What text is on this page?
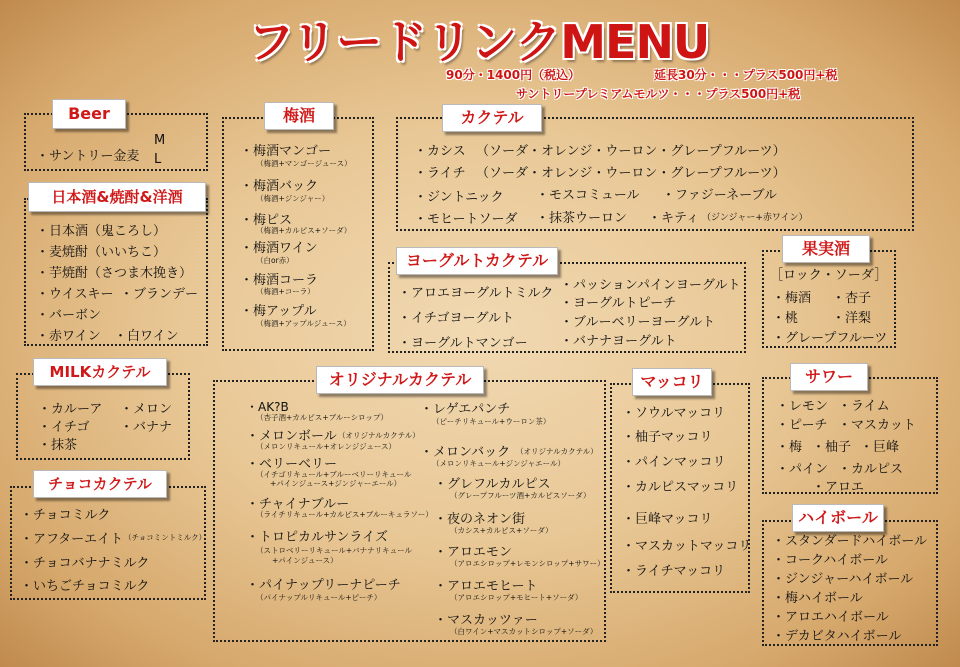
フリードリンクMENU
90分・1400円（税込）	延長30分・・・プラス500円+税
サントリープレミアムモルツ・・・プラス500円+税
Beer
・サントリー金麦
M
L
日本酒&焼酎&洋酒
・日本酒（鬼ころし）
・麦焼酎（いいちこ）
・芋焼酎（さつま木挽き）
・ウイスキー ・ブランデー
・バーボン
・赤ワイン ・白ワイン
MILKカクテル
・カルーア ・メロン
・イチゴ ・バナナ
・抹茶
チョコカクテル
・チョコミルク
・アフターエイト （チョコミントミルク）
・チョコバナナミルク
・いちごチョコミルク
梅酒
・梅酒マンゴー
（梅酒+マンゴージュース）
・梅酒バック
（梅酒+ジンジャー）
・梅ピス
（梅酒+カルピス+ソーダ）
・梅酒ワイン
（白or赤）
・梅酒コーラ
（梅酒+コーラ）
・梅アップル
（梅酒+アップルジュース）
カクテル
・カシス （ソーダ・オレンジ・ウーロン・グレープフルーツ）
・ライチ （ソーダ・オレンジ・ウーロン・グレープフルーツ）
・ジントニック ・モスコミュール ・ファジーネーブル
・モヒートソーダ ・抹茶ウーロン ・キティ （ジンジャー+赤ワイン）
ヨーグルトカクテル
・アロエヨーグルトミルク
・イチゴヨーグルト
・ヨーグルトマンゴー
・パッションパインヨーグルト
・ヨーグルトピーチ
・ブルーベリーヨーグルト
・バナナヨーグルト
果実酒
［ロック・ソーダ］
・梅酒 ・杏子
・桃	・洋梨
・グレープフルーツ
オリジナルカクテル
・AK?B
（杏子酒+カルピス+ブルーシロップ）
・メロンボール （オリジナルカクテル）
（メロンリキュール+オレンジジュース）
・ベリーベリー
（イチゴリキュール+ブルーベリーリキュール
+パインジュース+ジンジャーエール）
・チャイナブルー
（ライチリキュール+カルピス+ブルーキュラソー）
・トロピカルサンライズ
（ストロベリーリキュール+バナナリキュール
+パインジュース）
・パイナップリーナピーチ
（パイナップルリキュール+ピーチ）
・レゲエパンチ
（ピーチリキュール+ウーロン茶）
・メロンバック （オリジナルカクテル）
（メロンリキュール+ジンジャエール）
・グレフルカルピス
（グレープフルーツ酒+カルピスソーダ）
・夜のネオン街
（カシス+カルピス+ソーダ）
・アロエモン
（アロエシロップ+レモンシロップ+サワー）
・アロエモヒート
（アロエシロップ+モヒート+ソーダ）
・マスカッツァー
（白ワイン+マスカットシロップ+ソーダ）
マッコリ
・ソウルマッコリ
・柚子マッコリ
・パインマッコリ
・カルピスマッコリ
・巨峰マッコリ
・マスカットマッコリ
・ライチマッコリ
サワー
・レモン ・ライム
・ピーチ ・マスカット
・梅 ・柚子 ・巨峰
・パイン ・カルピス
・アロエ
ハイボール
・スタンダードハイボール
・コークハイボール
・ジンジャーハイボール
・梅ハイボール
・アロエハイボール
・デカビタハイボール
